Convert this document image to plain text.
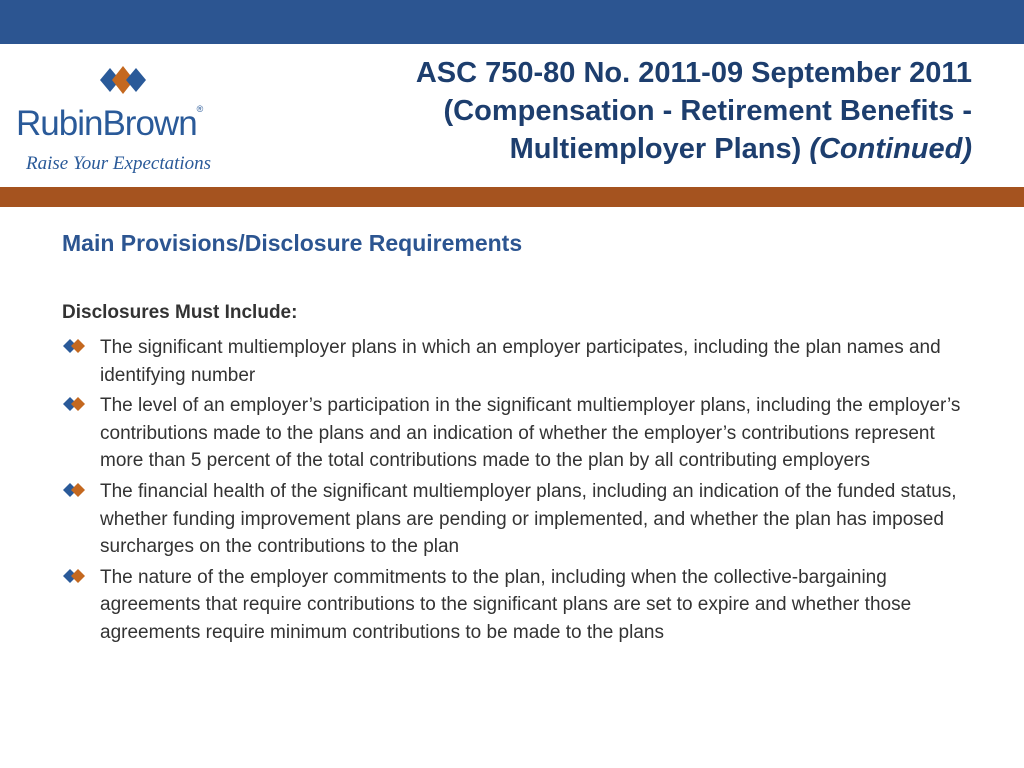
RubinBrown®
Raise Your Expectations
ASC 750-80 No. 2011-09 September 2011
(Compensation - Retirement Benefits -
Multiemployer Plans) (Continued)
Main Provisions/Disclosure Requirements
Disclosures Must Include:
The significant multiemployer plans in which an employer participates, including the plan names and identifying number
The level of an employer’s participation in the significant multiemployer plans, including the employer’s contributions made to the plans and an indication of whether the employer’s contributions represent more than 5 percent of the total contributions made to the plan by all contributing employers
The financial health of the significant multiemployer plans, including an indication of the funded status, whether funding improvement plans are pending or implemented, and whether the plan has imposed surcharges on the contributions to the plan
The nature of the employer commitments to the plan, including when the collective-bargaining agreements that require contributions to the significant plans are set to expire and whether those agreements require minimum contributions to be made to the plans
